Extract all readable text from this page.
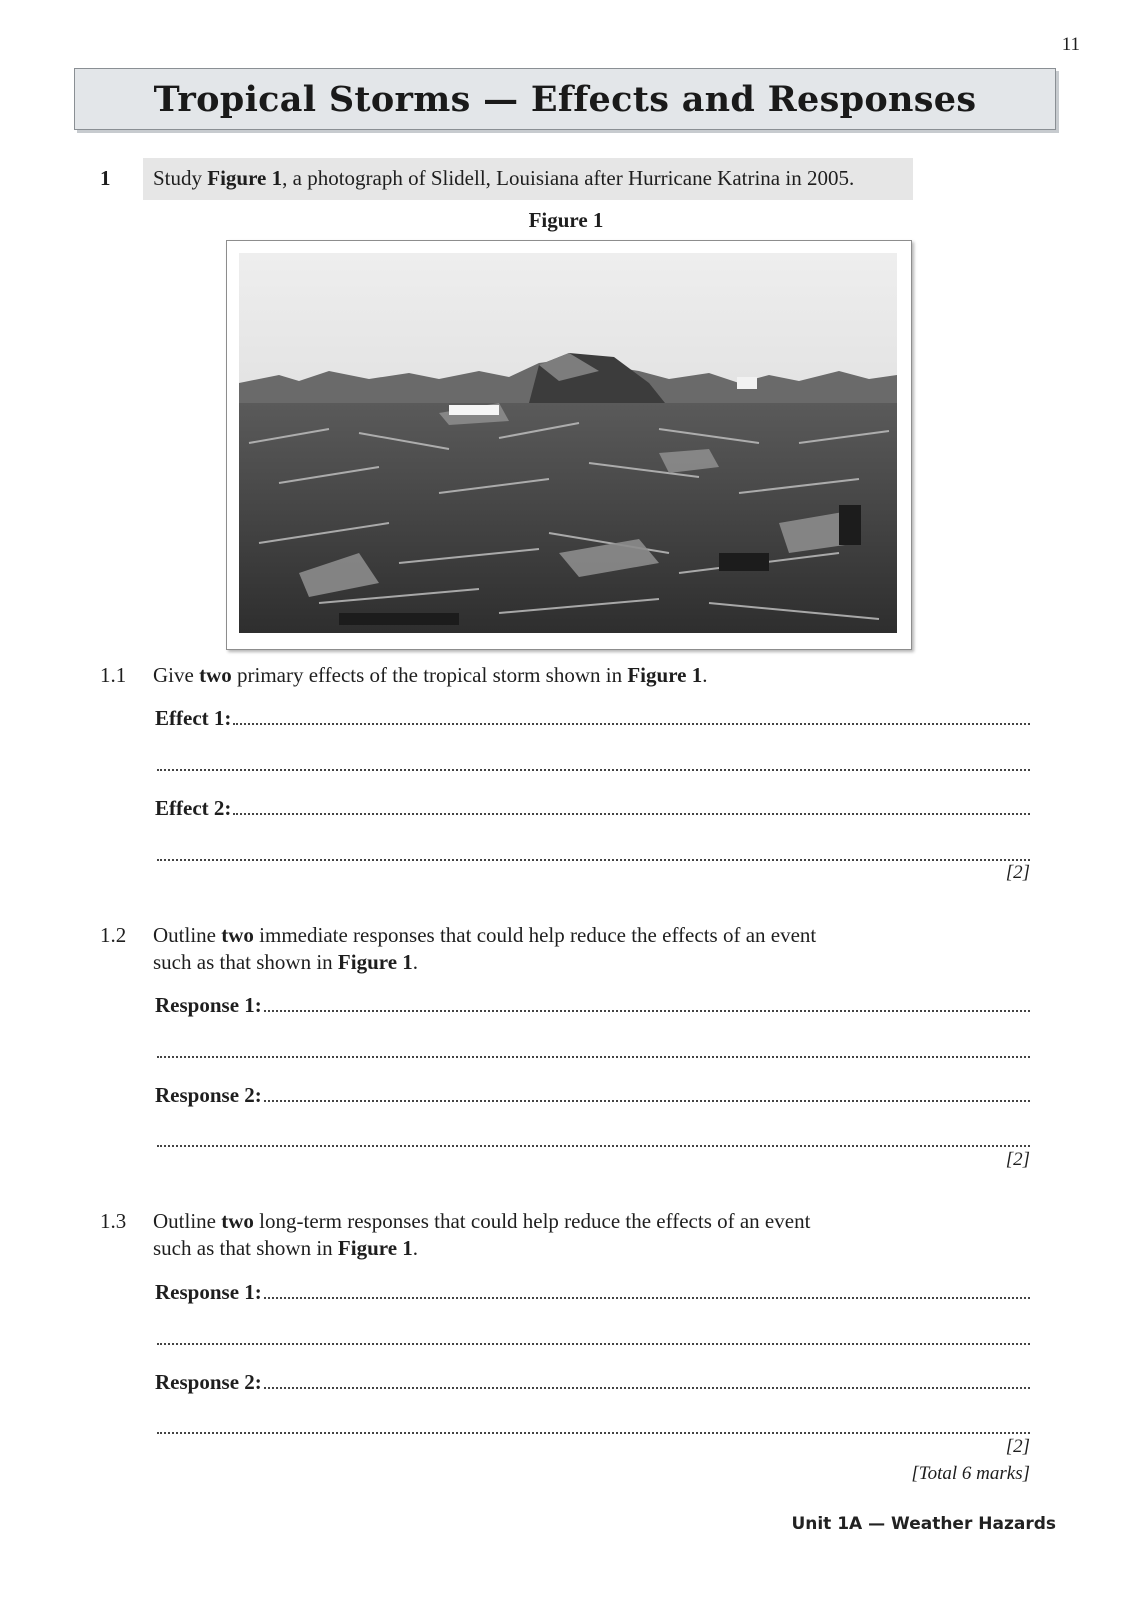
11
Tropical Storms — Effects and Responses
1 Study Figure 1, a photograph of Slidell, Louisiana after Hurricane Katrina in 2005.
Figure 1
1.1 Give two primary effects of the tropical storm shown in Figure 1.
Effect 1:
Effect 2:
[2]
1.2 Outline two immediate responses that could help reduce the effects of an event
such as that shown in Figure 1.
Response 1:
Response 2:
[2]
1.3 Outline two long-term responses that could help reduce the effects of an event
such as that shown in Figure 1.
Response 1:
Response 2:
[2]
[Total 6 marks]
Unit 1A — Weather Hazards
